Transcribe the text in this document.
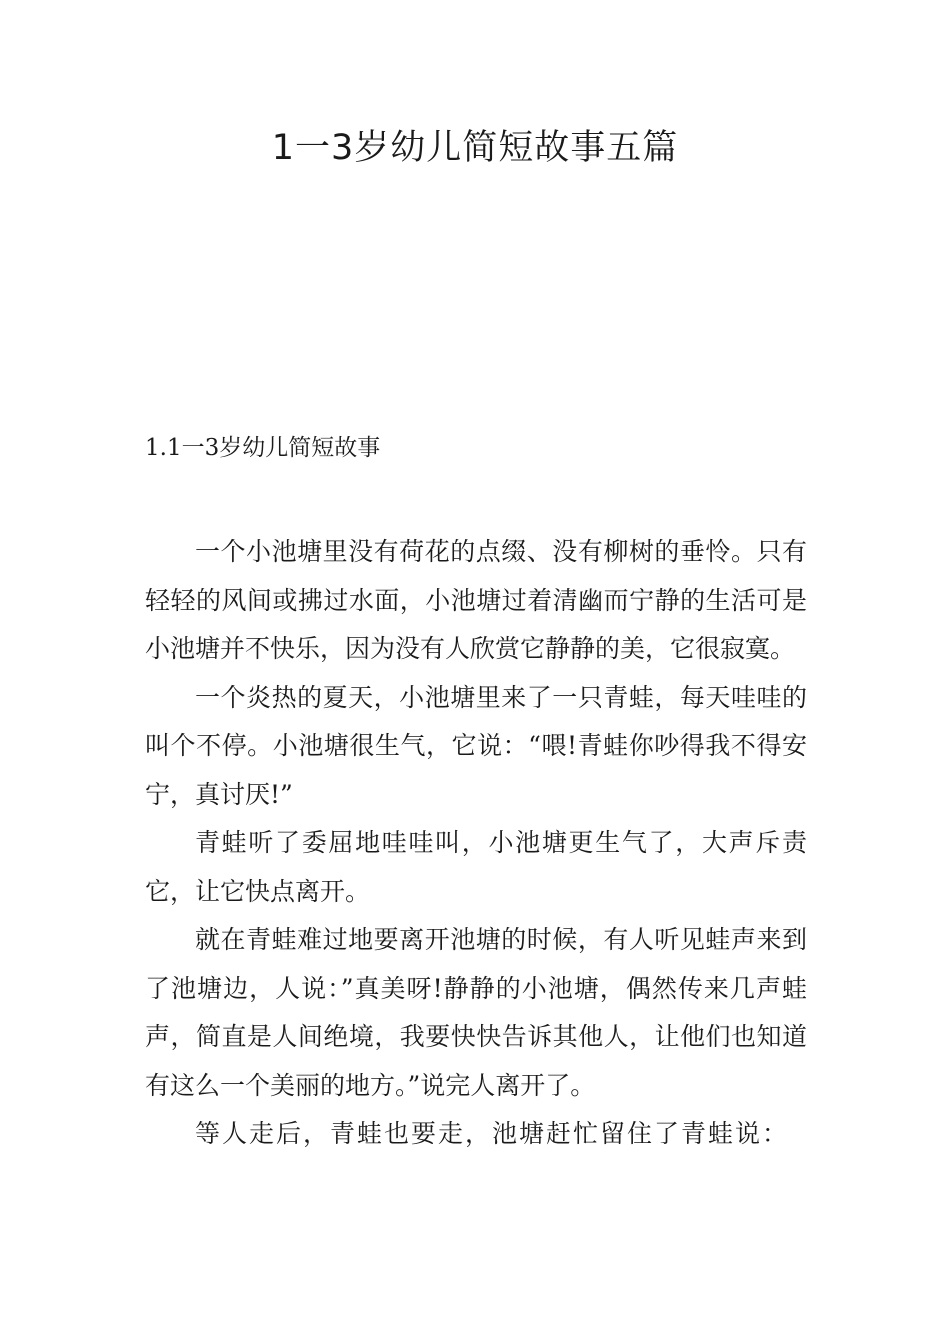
1一3岁幼儿简短故事五篇
1.1一3岁幼儿简短故事

一个小池塘里没有荷花的点缀、没有柳树的垂怜。只有轻轻的风间或拂过水面，小池塘过着清幽而宁静的生活可是小池塘并不快乐，因为没有人欣赏它静静的美，它很寂寞。

一个炎热的夏天，小池塘里来了一只青蛙，每天哇哇的叫个不停。小池塘很生气，它说：“喂!青蛙你吵得我不得安宁，真讨厌!”

青蛙听了委屈地哇哇叫，小池塘更生气了，大声斥责它，让它快点离开。

就在青蛙难过地要离开池塘的时候，有人听见蛙声来到了池塘边，人说：”真美呀!静静的小池塘，偶然传来几声蛙声，简直是人间绝境，我要快快告诉其他人，让他们也知道有这么一个美丽的地方。”说完人离开了。

等人走后，青蛙也要走，池塘赶忙留住了青蛙说：
